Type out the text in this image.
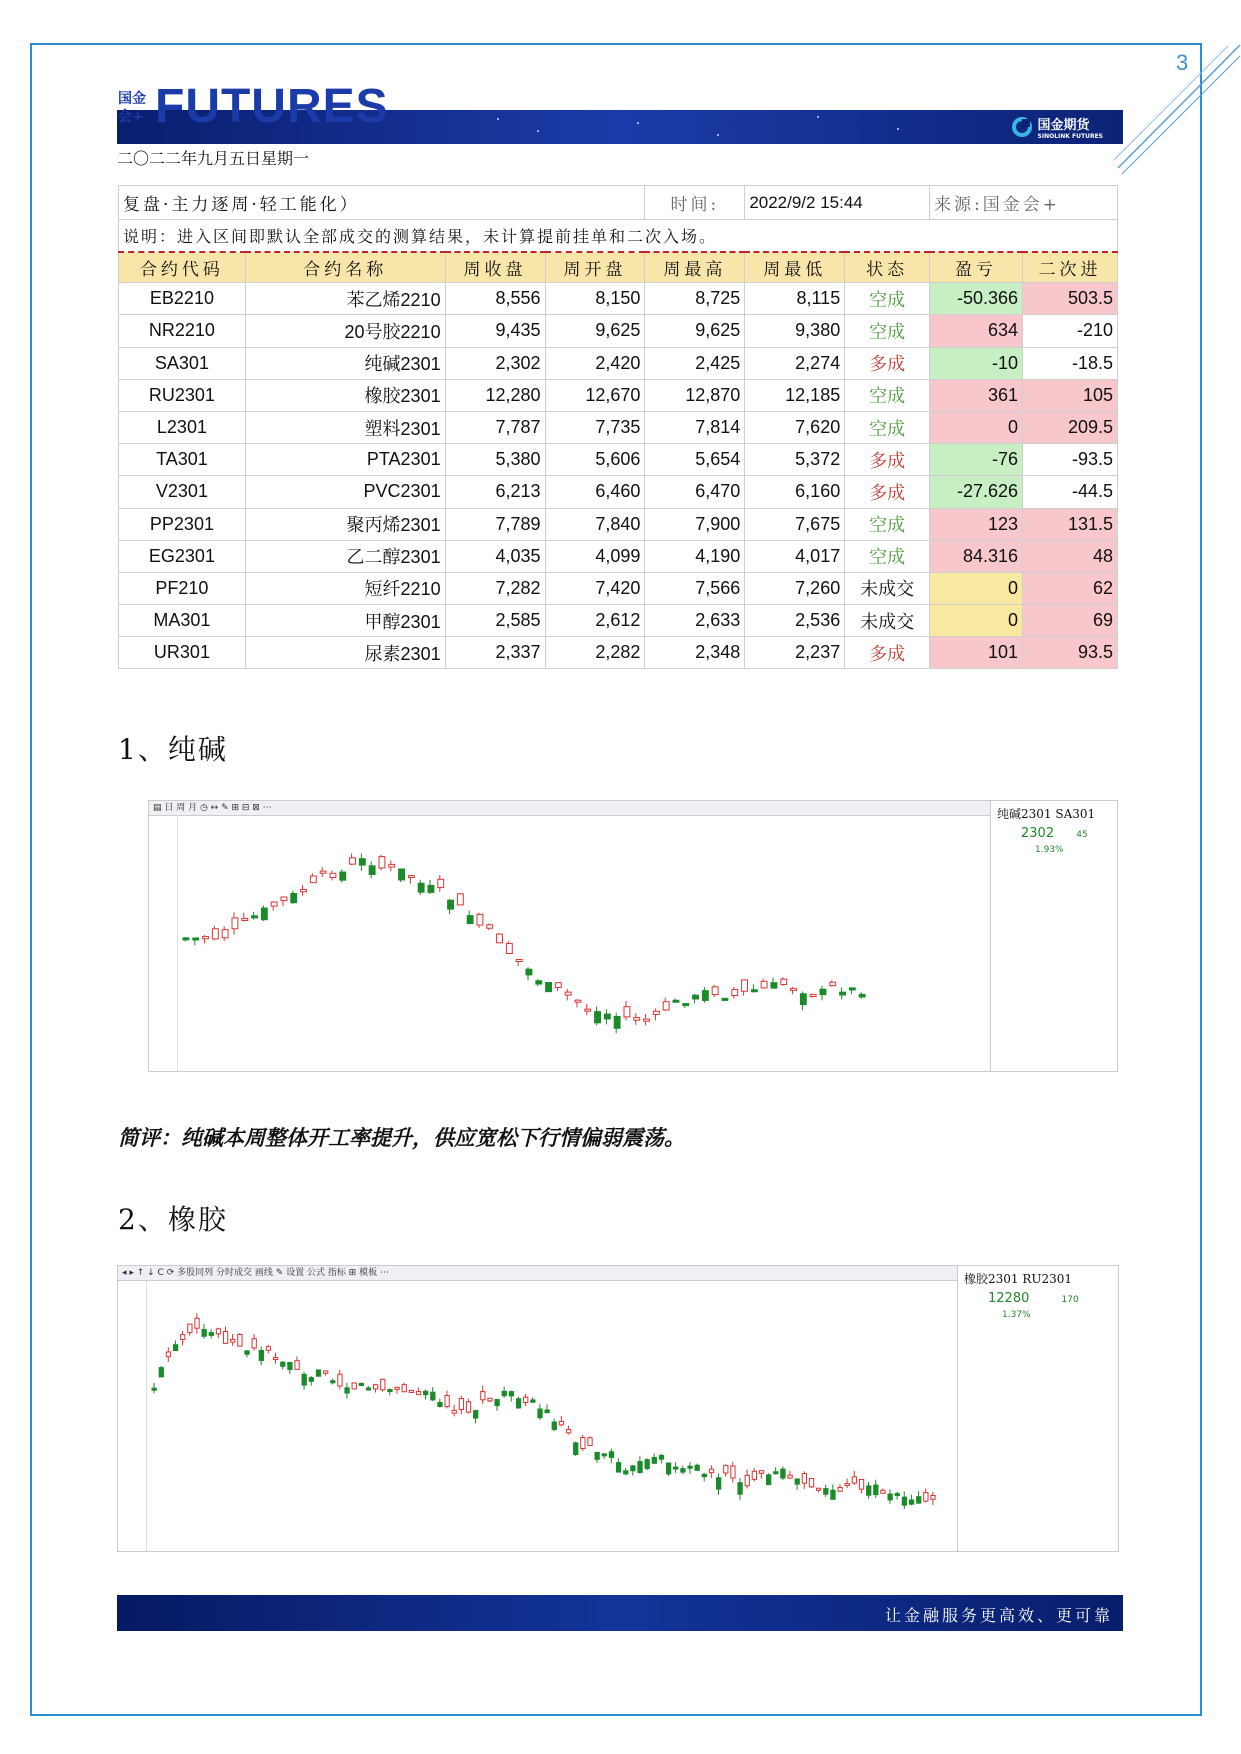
3
国金会+ FUTURES	国金期货
SINOLINK FUTURES
二〇二二年九月五日星期一
复盘·主力逐周·轻工能化）				时间:	2022/9/2 15:44		来源:国金会+	
说明：进入区间即默认全部成交的测算结果，未计算提前挂单和二次入场。								
合约代码	合约名称	周收盘	周开盘	周最高	周最低	状态	盈亏	二次进
EB2210	苯乙烯2210	8,556	8,150	8,725	8,115	空成	-50.366	503.5
NR2210	20号胶2210	9,435	9,625	9,625	9,380	空成	634	-210
SA301	纯碱2301	2,302	2,420	2,425	2,274	多成	-10	-18.5
RU2301	橡胶2301	12,280	12,670	12,870	12,185	空成	361	105
L2301	塑料2301	7,787	7,735	7,814	7,620	空成	0	209.5
TA301	PTA2301	5,380	5,606	5,654	5,372	多成	-76	-93.5
V2301	PVC2301	6,213	6,460	6,470	6,160	多成	-27.626	-44.5
PP2301	聚丙烯2301	7,789	7,840	7,900	7,675	空成	123	131.5
EG2301	乙二醇2301	4,035	4,099	4,190	4,017	空成	84.316	48
PF210	短纤2210	7,282	7,420	7,566	7,260	未成交	0	62
MA301	甲醇2301	2,585	2,612	2,633	2,536	未成交	0	69
UR301	尿素2301	2,337	2,282	2,348	2,237	多成	101	93.5
1、纯碱
▤ 日 周 月 ◷ ↔ ✎ ⊞ ⊟ ⊠ ⋯	纯碱2301 SA301
2302 45 1.93%
简评：纯碱本周整体开工率提升，供应宽松下行情偏弱震荡。
2、橡胶
◂ ▸ ↑ ↓ C ⟳ 多股同列 分时成交 画线 ✎ 设置 公式 指标 ⊞ 模板 ⋯	橡胶2301 RU2301
12280	170 1.37%
让金融服务更高效、更可靠
